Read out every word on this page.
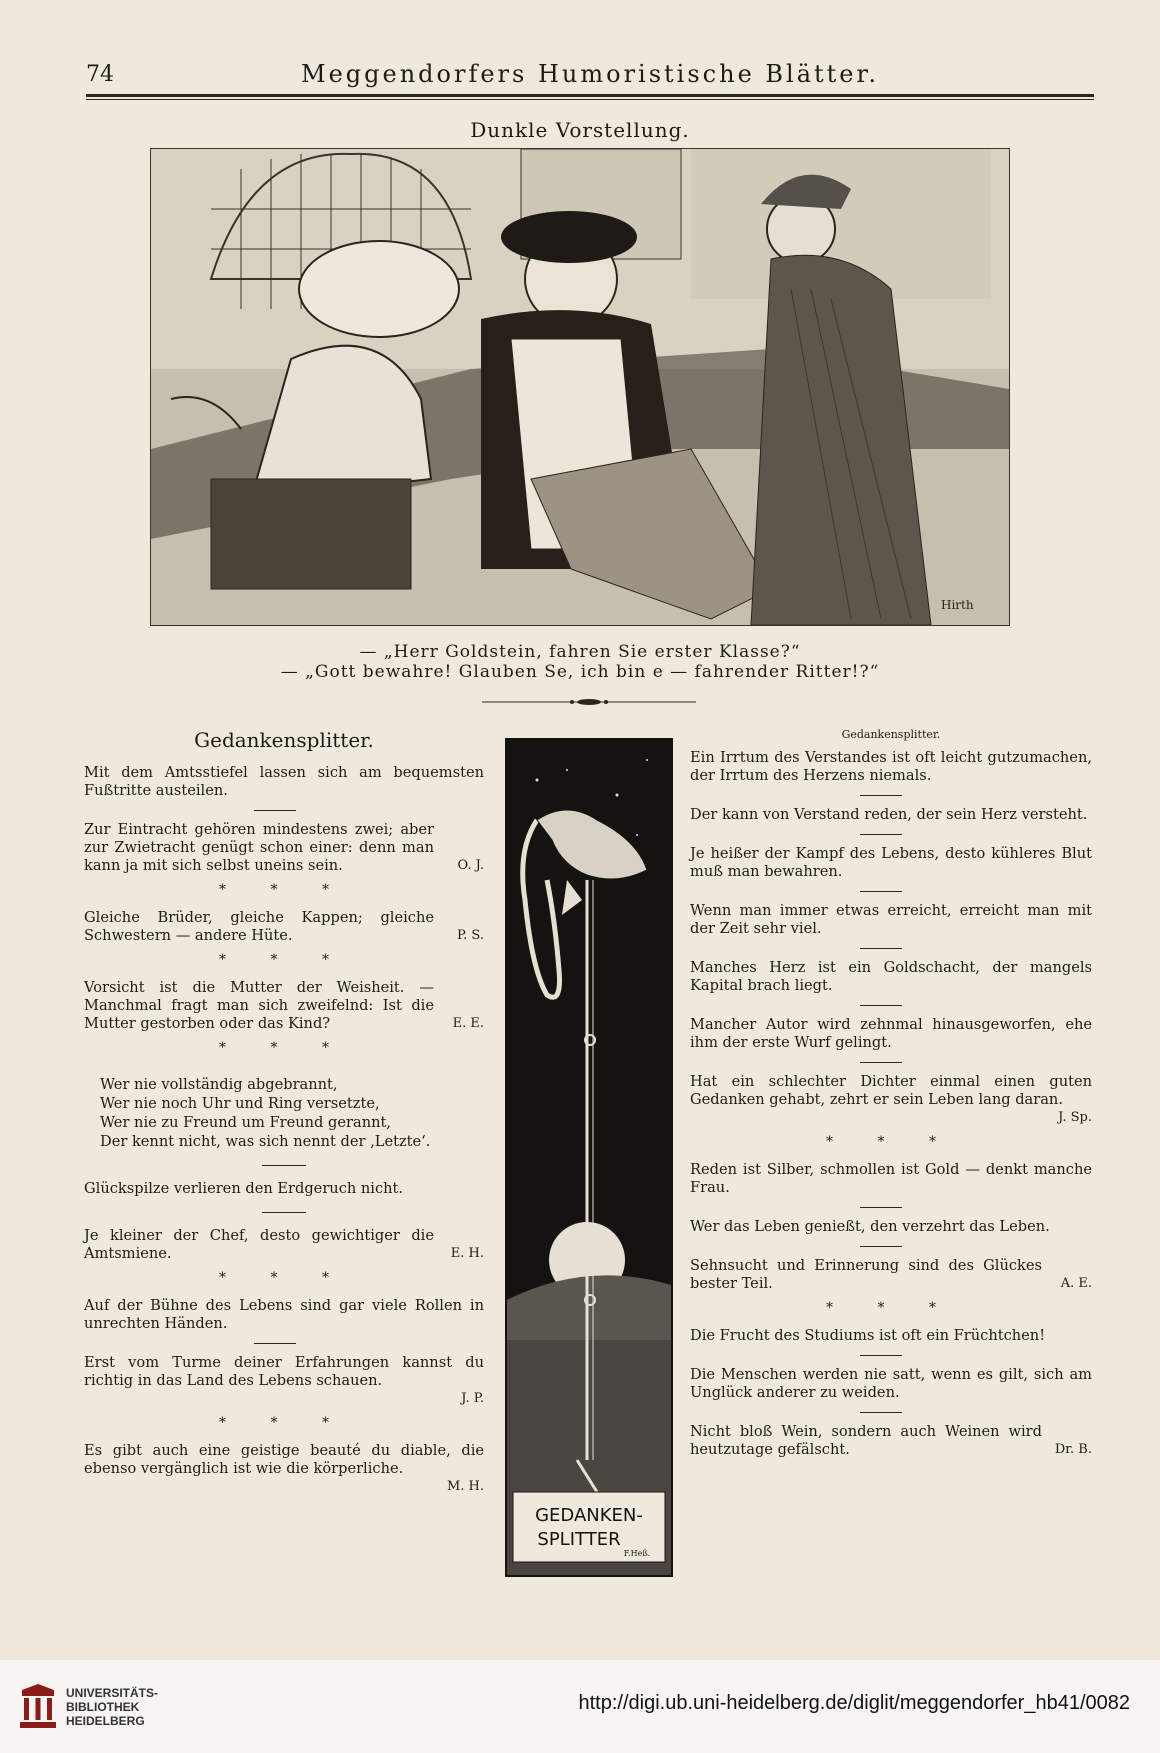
74	Meggendorfers Humoristische Blätter.
Dunkle Vorstellung.
Hirth
— „Herr Goldstein, fahren Sie erster Klasse?“
— „Gott bewahre! Glauben Se, ich bin e — fahrender Ritter!?“
Gedankensplitter.

Mit dem Amtsstiefel lassen sich am bequemsten Fußtritte austeilen.

Zur Eintracht gehören mindestens zwei; aber zur Zwietracht genügt schon einer: denn man kann ja mit sich selbst uneins sein.	O. J.

* * *

Gleiche Brüder, gleiche Kappen; gleiche Schwestern — andere Hüte.	P. S.

* * *

Vorsicht ist die Mutter der Weisheit. — Manchmal fragt man sich zweifelnd: Ist die Mutter gestorben oder das Kind?	E. E.

* * *

Wer nie vollständig abgebrannt,

Wer nie noch Uhr und Ring versetzte,

Wer nie zu Freund um Freund gerannt,

Der kennt nicht, was sich nennt der ‚Letzte‘.

Glückspilze verlieren den Erdgeruch nicht.

Je kleiner der Chef, desto gewichtiger die Amtsmiene.	E. H.

* * *

Auf der Bühne des Lebens sind gar viele Rollen in unrechten Händen.

Erst vom Turme deiner Erfahrungen kannst du richtig in das Land des Lebens schauen.

J. P.

* * *

Es gibt auch eine geistige beauté du diable, die ebenso vergänglich ist wie die körperliche.

M. H.

GEDANKEN-
SPLITTER
F.Heß.
Gedankensplitter.

Ein Irrtum des Verstandes ist oft leicht gutzumachen, der Irrtum des Herzens niemals.

Der kann von Verstand reden, der sein Herz versteht.

Je heißer der Kampf des Lebens, desto kühleres Blut muß man bewahren.

Wenn man immer etwas erreicht, erreicht man mit der Zeit sehr viel.

Manches Herz ist ein Goldschacht, der mangels Kapital brach liegt.

Mancher Autor wird zehnmal hinausgeworfen, ehe ihm der erste Wurf gelingt.

Hat ein schlechter Dichter einmal einen guten Gedanken gehabt, zehrt er sein Leben lang daran.

J. Sp.

* * *

Reden ist Silber, schmollen ist Gold — denkt manche Frau.

Wer das Leben genießt, den verzehrt das Leben.

Sehnsucht und Erinnerung sind des Glückes bester Teil.	A. E.

* * *

Die Frucht des Studiums ist oft ein Früchtchen!

Die Menschen werden nie satt, wenn es gilt, sich am Unglück anderer zu weiden.

Nicht bloß Wein, sondern auch Weinen wird heutzutage gefälscht.	Dr. B.

UNIVERSITÄTS-
BIBLIOTHEK
HEIDELBERG
http://digi.ub.uni-heidelberg.de/diglit/meggendorfer_hb41/0082
